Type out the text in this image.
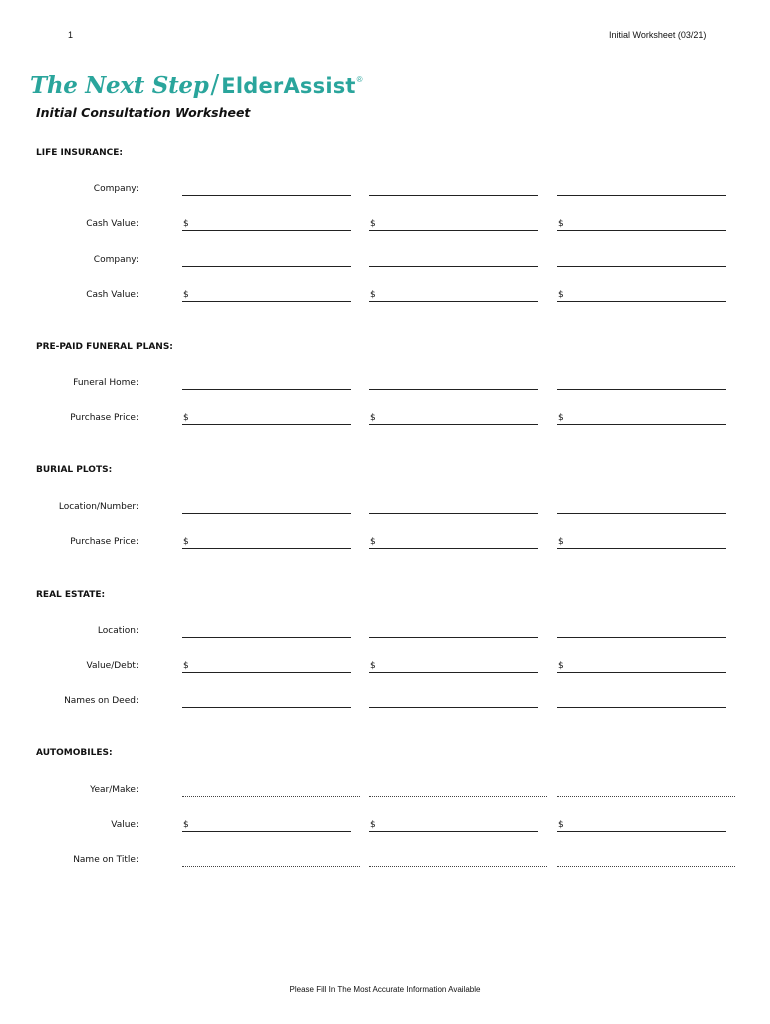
1	Initial Worksheet (03/21)
The Next Step / ElderAssist ®
Initial Consultation Worksheet
LIFE INSURANCE:
Company:
Cash Value:	$	$	$
Company:
Cash Value:	$	$	$
PRE-PAID FUNERAL PLANS:
Funeral Home:
Purchase Price:	$	$	$
BURIAL PLOTS:
Location/Number:
Purchase Price:	$	$	$
REAL ESTATE:
Location:
Value/Debt:	$	$	$
Names on Deed:
AUTOMOBILES:
Year/Make:
Value:	$	$	$
Name on Title:
Please Fill In The Most Accurate Information Available
